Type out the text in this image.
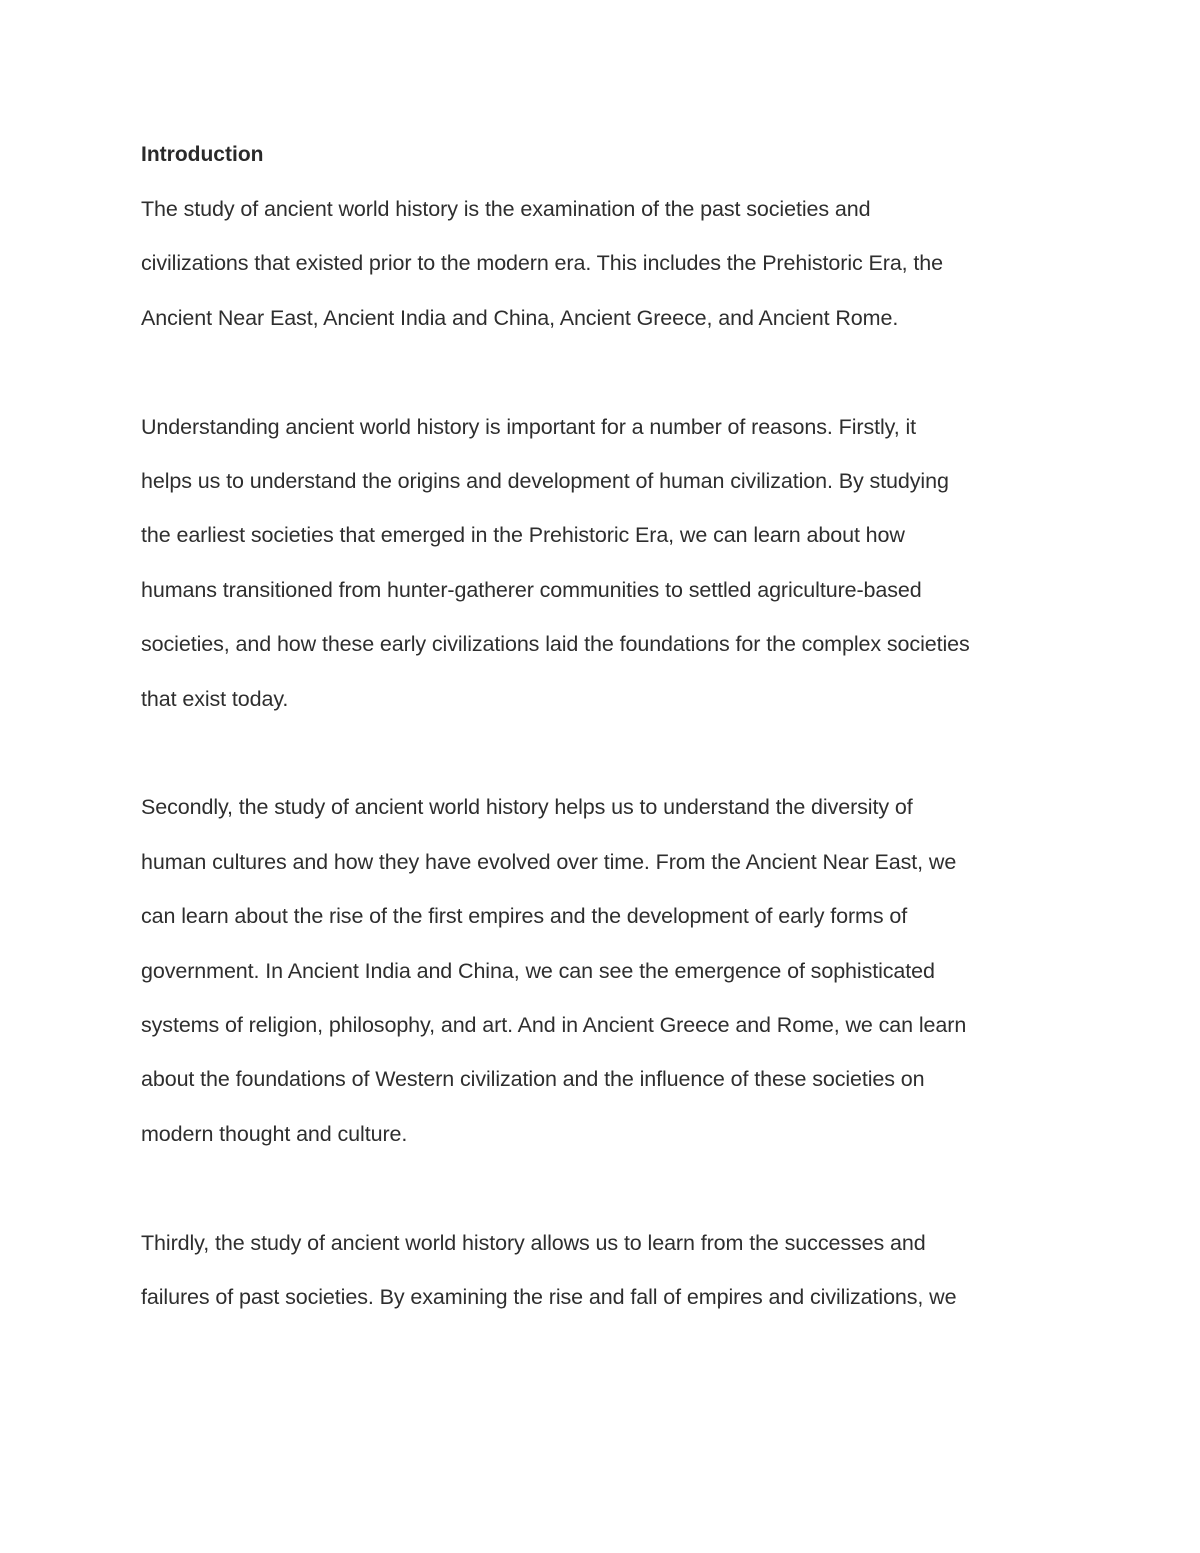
Introduction
The study of ancient world history is the examination of the past societies and
civilizations that existed prior to the modern era. This includes the Prehistoric Era, the
Ancient Near East, Ancient India and China, Ancient Greece, and Ancient Rome.
Understanding ancient world history is important for a number of reasons. Firstly, it
helps us to understand the origins and development of human civilization. By studying
the earliest societies that emerged in the Prehistoric Era, we can learn about how
humans transitioned from hunter-gatherer communities to settled agriculture-based
societies, and how these early civilizations laid the foundations for the complex societies
that exist today.
Secondly, the study of ancient world history helps us to understand the diversity of
human cultures and how they have evolved over time. From the Ancient Near East, we
can learn about the rise of the first empires and the development of early forms of
government. In Ancient India and China, we can see the emergence of sophisticated
systems of religion, philosophy, and art. And in Ancient Greece and Rome, we can learn
about the foundations of Western civilization and the influence of these societies on
modern thought and culture.
Thirdly, the study of ancient world history allows us to learn from the successes and
failures of past societies. By examining the rise and fall of empires and civilizations, we
